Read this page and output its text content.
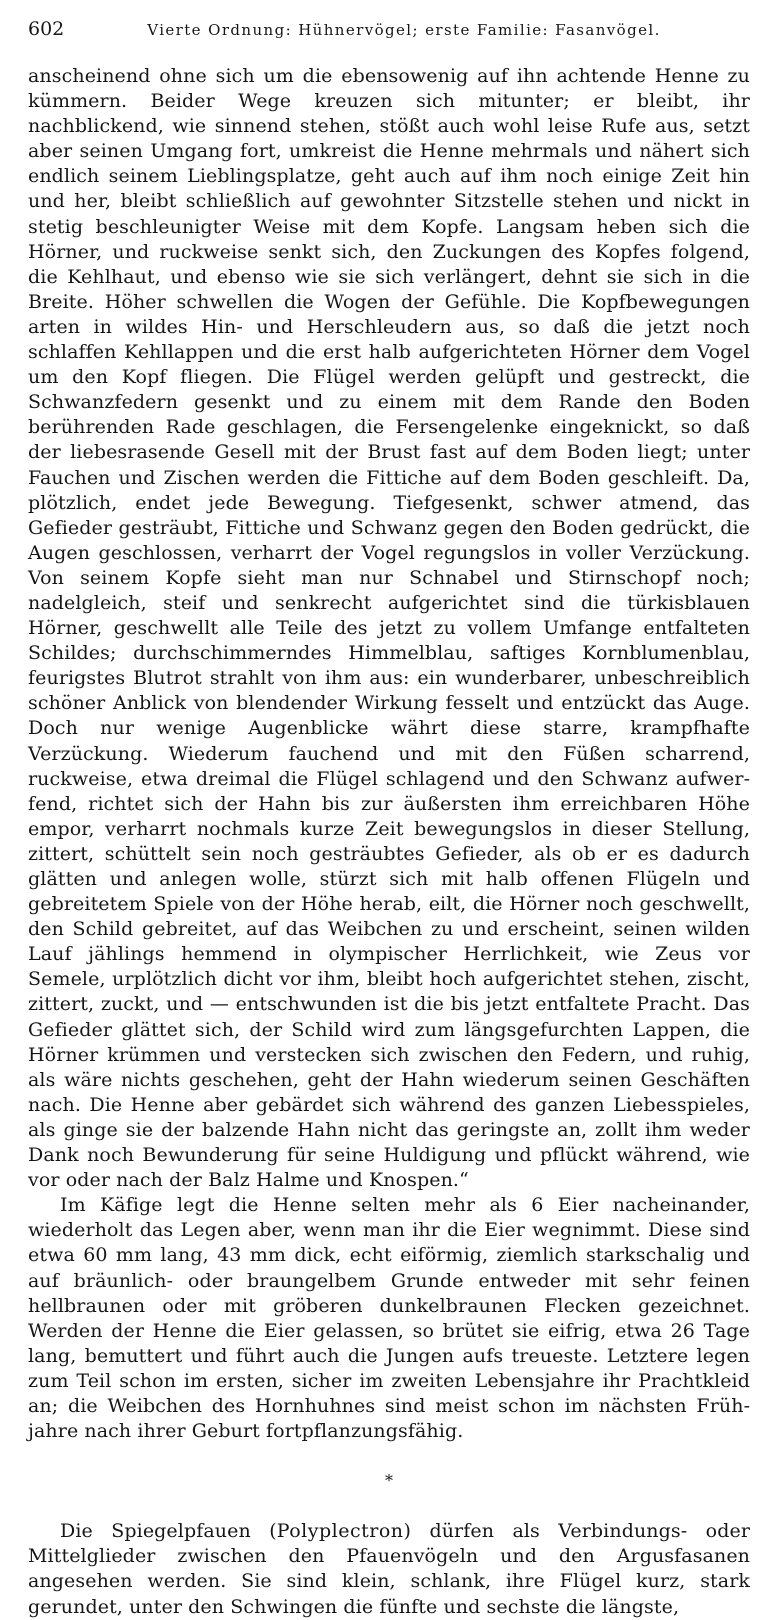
602	Vierte Ordnung: Hühnervögel; erste Familie: Fasanvögel.

anscheinend ohne sich um die ebensowenig auf ihn achtende Henne zu kümmern. Beider Wege kreuzen sich mitunter; er bleibt, ihr nachblickend, wie sinnend stehen, stößt auch wohl leise Rufe aus, setzt aber seinen Umgang fort, umkreist die Henne mehrmals und nähert sich endlich seinem Lieblingsplatze, geht auch auf ihm noch einige Zeit hin und her, bleibt schließlich auf gewohnter Sitzstelle stehen und nickt in stetig beschleunigter Weise mit dem Kopfe. Langsam heben sich die Hörner, und ruckweise senkt sich, den Zuckungen des Kopfes folgend, die Kehlhaut, und ebenso wie sie sich verlängert, dehnt sie sich in die Breite. Höher schwellen die Wogen der Gefühle. Die Kopfbewegungen arten in wildes Hin- und Herschleudern aus, so daß die jetzt noch schlaffen Kehllappen und die erst halb aufgerichteten Hörner dem Vogel um den Kopf fliegen. Die Flügel werden gelüpft und gestreckt, die Schwanzfedern gesenkt und zu einem mit dem Rande den Boden berührenden Rade geschlagen, die Fersengelenke eingeknickt, so daß der liebesrasende Gesell mit der Brust fast auf dem Boden liegt; unter Fauchen und Zischen werden die Fittiche auf dem Boden geschleift. Da, plötzlich, endet jede Bewegung. Tiefgesenkt, schwer atmend, das Gefieder gesträubt, Fittiche und Schwanz gegen den Boden gedrückt, die Augen geschlossen, verharrt der Vogel regungslos in voller Verzückung. Von seinem Kopfe sieht man nur Schnabel und Stirnschopf noch; nadelgleich, steif und senkrecht aufgerichtet sind die türkisblauen Hörner, geschwellt alle Teile des jetzt zu vollem Umfange entfalteten Schildes; durchschimmerndes Himmelblau, saftiges Kornblumenblau, feurigstes Blutrot strahlt von ihm aus: ein wunderbarer, unbeschreiblich schöner Anblick von blendender Wirkung fesselt und entzückt das Auge. Doch nur wenige Augenblicke währt diese starre, krampfhafte Verzückung. Wiederum fauchend und mit den Füßen scharrend, ruckweise, etwa dreimal die Flügel schlagend und den Schwanz aufwerfend, richtet sich der Hahn bis zur äußersten ihm erreichbaren Höhe empor, verharrt nochmals kurze Zeit bewegungslos in dieser Stellung, zittert, schüttelt sein noch gesträubtes Gefieder, als ob er es dadurch glätten und anlegen wolle, stürzt sich mit halb offenen Flügeln und gebreitetem Spiele von der Höhe herab, eilt, die Hörner noch geschwellt, den Schild gebreitet, auf das Weibchen zu und erscheint, seinen wilden Lauf jählings hemmend in olympischer Herrlichkeit, wie Zeus vor Semele, urplötzlich dicht vor ihm, bleibt hoch aufgerichtet stehen, zischt, zittert, zuckt, und — entschwunden ist die bis jetzt entfaltete Pracht. Das Gefieder glättet sich, der Schild wird zum längsgefurchten Lappen, die Hörner krümmen und verstecken sich zwischen den Federn, und ruhig, als wäre nichts geschehen, geht der Hahn wiederum seinen Geschäften nach. Die Henne aber gebärdet sich während des ganzen Liebesspieles, als ginge sie der balzende Hahn nicht das geringste an, zollt ihm weder Dank noch Bewunderung für seine Huldigung und pflückt während, wie vor oder nach der Balz Halme und Knospen.“

Im Käfige legt die Henne selten mehr als 6 Eier nacheinander, wiederholt das Legen aber, wenn man ihr die Eier wegnimmt. Diese sind etwa 60 mm lang, 43 mm dick, echt eiförmig, ziemlich starkschalig und auf bräunlich- oder braungelbem Grunde entweder mit sehr feinen hellbraunen oder mit gröberen dunkelbraunen Flecken gezeichnet. Werden der Henne die Eier gelassen, so brütet sie eifrig, etwa 26 Tage lang, bemuttert und führt auch die Jungen aufs treueste. Letztere legen zum Teil schon im ersten, sicher im zweiten Lebensjahre ihr Prachtkleid an; die Weibchen des Hornhuhnes sind meist schon im nächsten Frühjahre nach ihrer Geburt fortpflanzungsfähig.

*

Die Spiegelpfauen (Polyplectron) dürfen als Verbindungs- oder Mittelglieder zwischen den Pfauenvögeln und den Argusfasanen angesehen werden. Sie sind klein, schlank, ihre Flügel kurz, stark gerundet, unter den Schwingen die fünfte und sechste die längste,
